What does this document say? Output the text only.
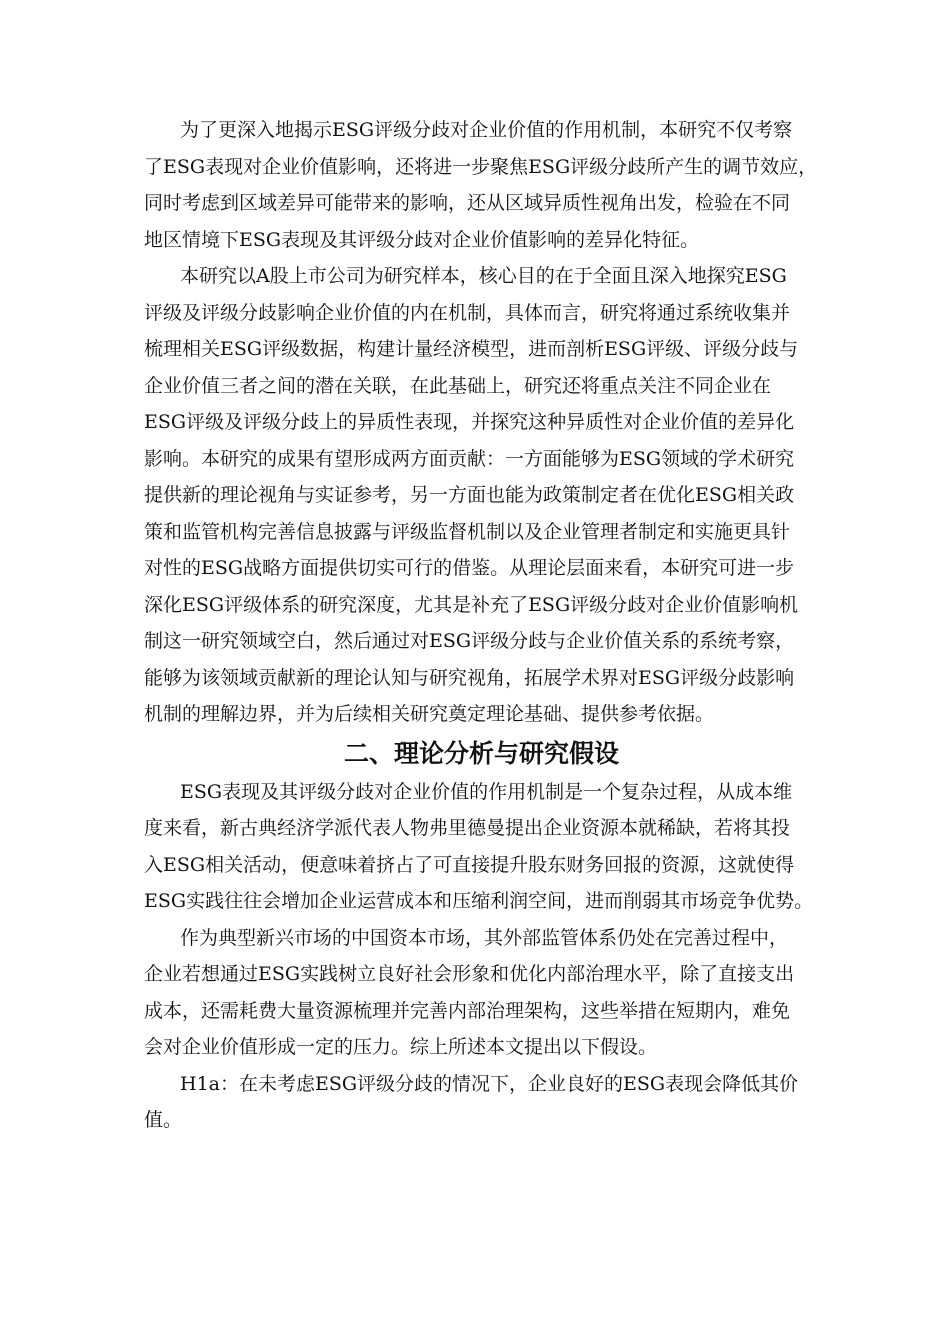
为了更深入地揭示ESG评级分歧对企业价值的作用机制，本研究不仅考察
了ESG表现对企业价值影响，还将进一步聚焦ESG评级分歧所产生的调节效应，
同时考虑到区域差异可能带来的影响，还从区域异质性视角出发，检验在不同
地区情境下ESG表现及其评级分歧对企业价值影响的差异化特征。
本研究以A股上市公司为研究样本，核心目的在于全面且深入地探究ESG
评级及评级分歧影响企业价值的内在机制，具体而言，研究将通过系统收集并
梳理相关ESG评级数据，构建计量经济模型，进而剖析ESG评级、评级分歧与
企业价值三者之间的潜在关联，在此基础上，研究还将重点关注不同企业在
ESG评级及评级分歧上的异质性表现，并探究这种异质性对企业价值的差异化
影响。本研究的成果有望形成两方面贡献：一方面能够为ESG领域的学术研究
提供新的理论视角与实证参考，另一方面也能为政策制定者在优化ESG相关政
策和监管机构完善信息披露与评级监督机制以及企业管理者制定和实施更具针
对性的ESG战略方面提供切实可行的借鉴。从理论层面来看，本研究可进一步
深化ESG评级体系的研究深度，尤其是补充了ESG评级分歧对企业价值影响机
制这一研究领域空白，然后通过对ESG评级分歧与企业价值关系的系统考察，
能够为该领域贡献新的理论认知与研究视角，拓展学术界对ESG评级分歧影响
机制的理解边界，并为后续相关研究奠定理论基础、提供参考依据。
二、理论分析与研究假设
ESG表现及其评级分歧对企业价值的作用机制是一个复杂过程，从成本维
度来看，新古典经济学派代表人物弗里德曼提出企业资源本就稀缺，若将其投
入ESG相关活动，便意味着挤占了可直接提升股东财务回报的资源，这就使得
ESG实践往往会增加企业运营成本和压缩利润空间，进而削弱其市场竞争优势。
作为典型新兴市场的中国资本市场，其外部监管体系仍处在完善过程中，
企业若想通过ESG实践树立良好社会形象和优化内部治理水平，除了直接支出
成本，还需耗费大量资源梳理并完善内部治理架构，这些举措在短期内，难免
会对企业价值形成一定的压力。综上所述本文提出以下假设。
H1a：在未考虑ESG评级分歧的情况下，企业良好的ESG表现会降低其价
值。
